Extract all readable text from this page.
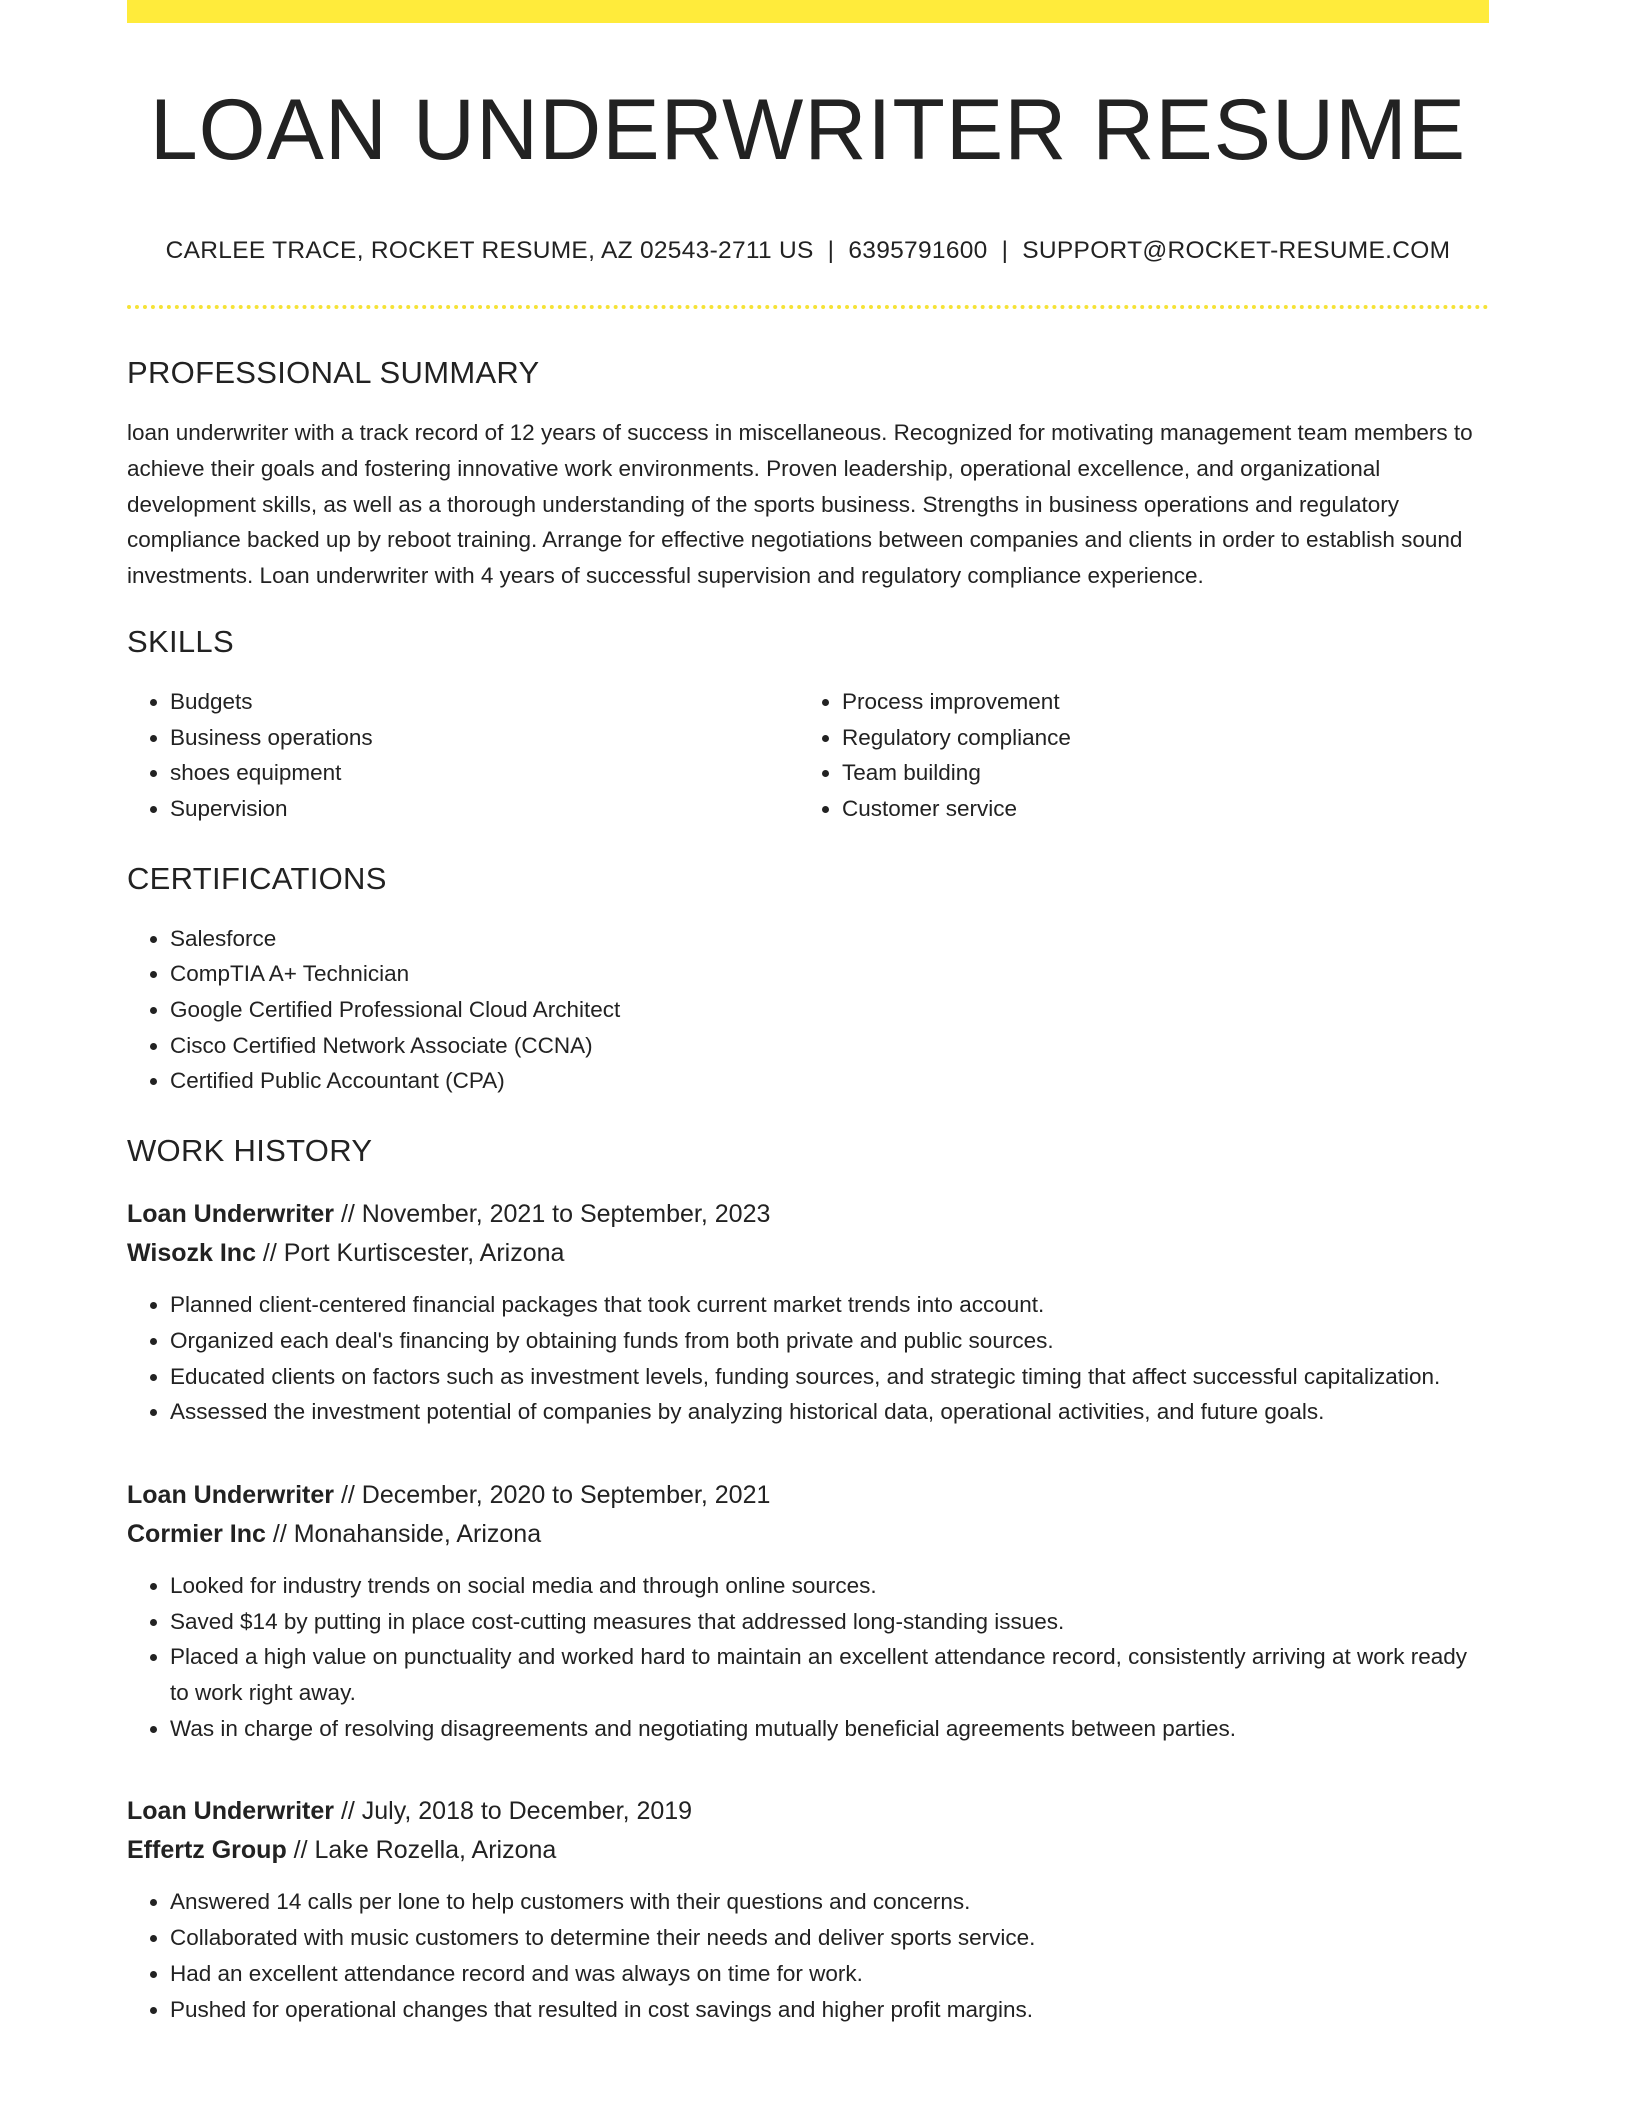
LOAN UNDERWRITER RESUME
CARLEE TRACE, ROCKET RESUME, AZ 02543-2711 US | 6395791600 | SUPPORT@ROCKET-RESUME.COM
PROFESSIONAL SUMMARY

loan underwriter with a track record of 12 years of success in miscellaneous. Recognized for motivating management team members to achieve their goals and fostering innovative work environments. Proven leadership, operational excellence, and organizational development skills, as well as a thorough understanding of the sports business. Strengths in business operations and regulatory compliance backed up by reboot training. Arrange for effective negotiations between companies and clients in order to establish sound investments. Loan underwriter with 4 years of successful supervision and regulatory compliance experience.

SKILLS
• Budgets
• Business operations
• shoes equipment
• Supervision
• Process improvement
• Regulatory compliance
• Team building
• Customer service
CERTIFICATIONS
• Salesforce
• CompTIA A+ Technician
• Google Certified Professional Cloud Architect
• Cisco Certified Network Associate (CCNA)
• Certified Public Accountant (CPA)
WORK HISTORY
Loan Underwriter // November, 2021 to September, 2023
Wisozk Inc // Port Kurtiscester, Arizona
• Planned client-centered financial packages that took current market trends into account.
• Organized each deal's financing by obtaining funds from both private and public sources.
• Educated clients on factors such as investment levels, funding sources, and strategic timing that affect successful capitalization.
• Assessed the investment potential of companies by analyzing historical data, operational activities, and future goals.
Loan Underwriter // December, 2020 to September, 2021
Cormier Inc // Monahanside, Arizona
• Looked for industry trends on social media and through online sources.
• Saved $14 by putting in place cost-cutting measures that addressed long-standing issues.
• Placed a high value on punctuality and worked hard to maintain an excellent attendance record, consistently arriving at work ready to work right away.
• Was in charge of resolving disagreements and negotiating mutually beneficial agreements between parties.
Loan Underwriter // July, 2018 to December, 2019
Effertz Group // Lake Rozella, Arizona
• Answered 14 calls per lone to help customers with their questions and concerns.
• Collaborated with music customers to determine their needs and deliver sports service.
• Had an excellent attendance record and was always on time for work.
• Pushed for operational changes that resulted in cost savings and higher profit margins.
